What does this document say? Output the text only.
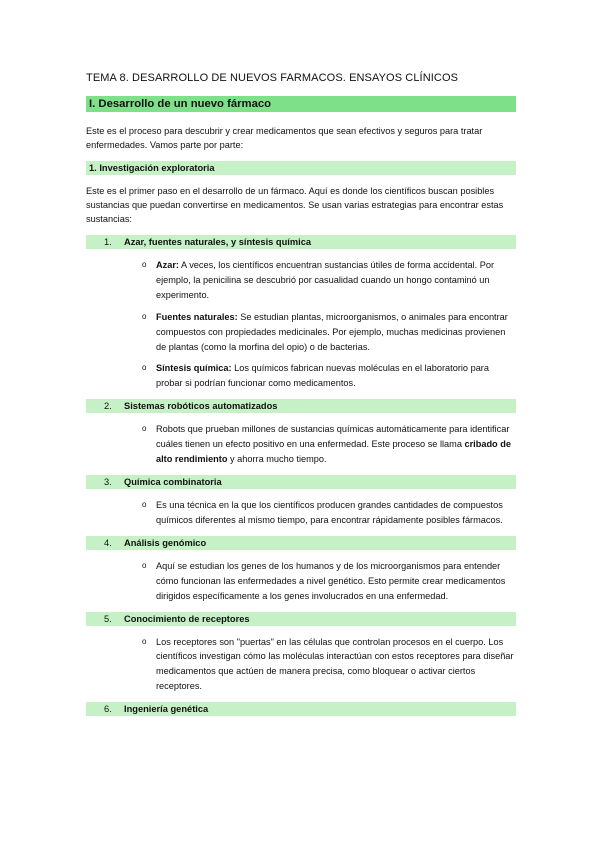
TEMA 8. DESARROLLO DE NUEVOS FARMACOS. ENSAYOS CLÍNICOS
I. Desarrollo de un nuevo fármaco

Este es el proceso para descubrir y crear medicamentos que sean efectivos y seguros para tratar enfermedades. Vamos parte por parte:

1. Investigación exploratoria

Este es el primer paso en el desarrollo de un fármaco. Aquí es donde los científicos buscan posibles sustancias que puedan convertirse en medicamentos. Se usan varias estrategias para encontrar estas sustancias:

1.	Azar, fuentes naturales, y síntesis química
o Azar: A veces, los científicos encuentran sustancias útiles de forma accidental. Por ejemplo, la penicilina se descubrió por casualidad cuando un hongo contaminó un experimento.
o Fuentes naturales: Se estudian plantas, microorganismos, o animales para encontrar compuestos con propiedades medicinales. Por ejemplo, muchas medicinas provienen de plantas (como la morfina del opio) o de bacterias.
o Síntesis química: Los químicos fabrican nuevas moléculas en el laboratorio para probar si podrían funcionar como medicamentos.
2.	Sistemas robóticos automatizados
o Robots que prueban millones de sustancias químicas automáticamente para identificar cuáles tienen un efecto positivo en una enfermedad. Este proceso se llama cribado de alto rendimiento y ahorra mucho tiempo.
3.	Química combinatoria
o Es una técnica en la que los científicos producen grandes cantidades de compuestos químicos diferentes al mismo tiempo, para encontrar rápidamente posibles fármacos.
4.	Análisis genómico
o Aquí se estudian los genes de los humanos y de los microorganismos para entender cómo funcionan las enfermedades a nivel genético. Esto permite crear medicamentos dirigidos específicamente a los genes involucrados en una enfermedad.
5.	Conocimiento de receptores
o Los receptores son "puertas" en las células que controlan procesos en el cuerpo. Los científicos investigan cómo las moléculas interactúan con estos receptores para diseñar medicamentos que actúen de manera precisa, como bloquear o activar ciertos receptores.
6.	Ingeniería genética
